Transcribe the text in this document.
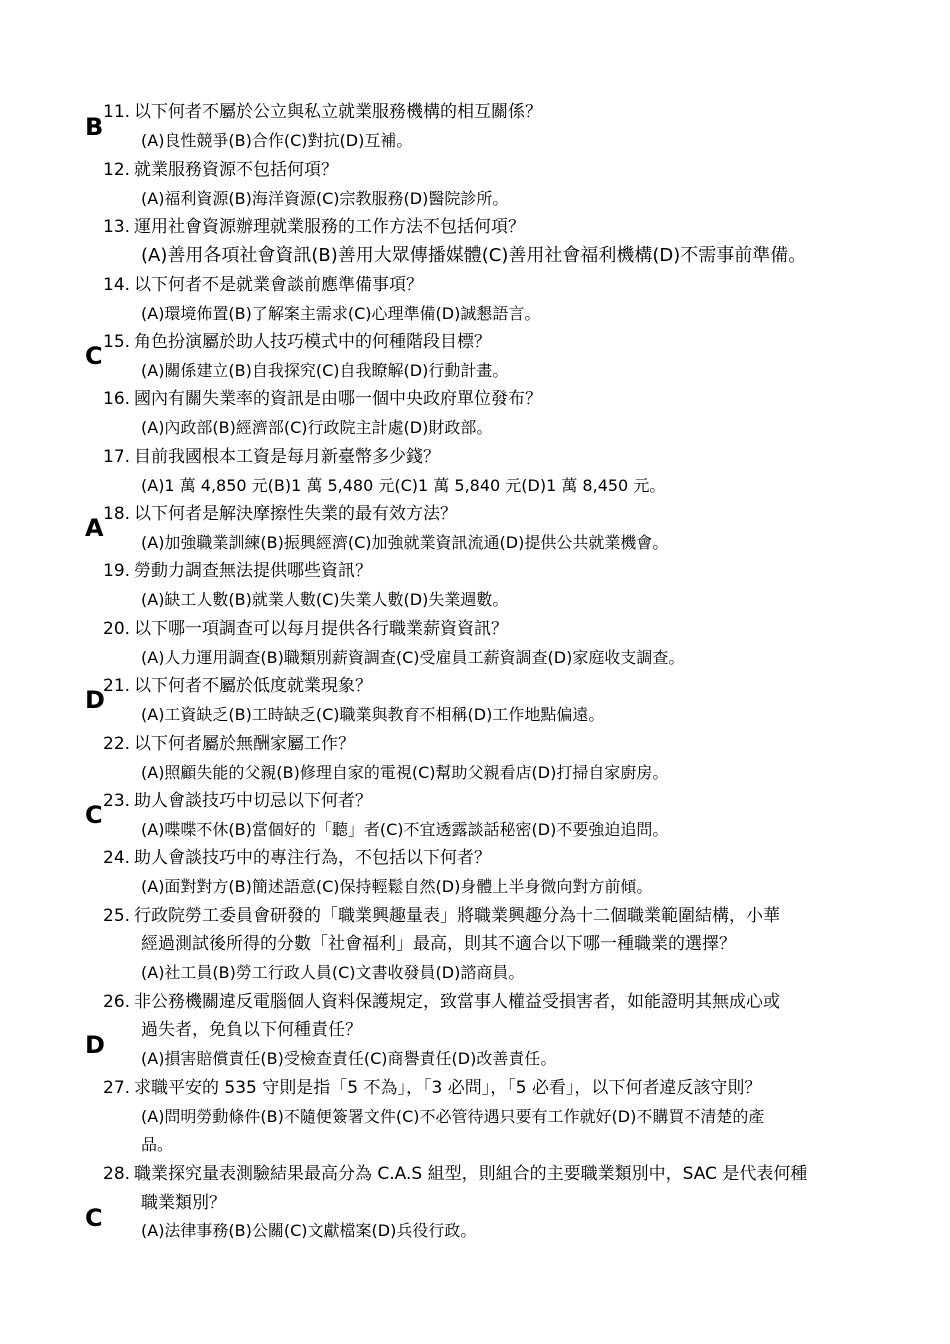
11. 以下何者不屬於公立與私立就業服務機構的相互關係？
B (A)良性競爭(B)合作(C)對抗(D)互補。
12. 就業服務資源不包括何項？
(A)福利資源(B)海洋資源(C)宗教服務(D)醫院診所。
13. 運用社會資源辦理就業服務的工作方法不包括何項？
(A)善用各項社會資訊(B)善用大眾傳播媒體(C)善用社會福利機構(D)不需事前準備。
14. 以下何者不是就業會談前應準備事項？
(A)環境佈置(B)了解案主需求(C)心理準備(D)誠懇語言。
15. 角色扮演屬於助人技巧模式中的何種階段目標？
C
(A)關係建立(B)自我探究(C)自我瞭解(D)行動計畫。
16. 國內有關失業率的資訊是由哪一個中央政府單位發布？
(A)內政部(B)經濟部(C)行政院主計處(D)財政部。
17. 目前我國根本工資是每月新臺幣多少錢？
(A)1 萬 4,850 元(B)1 萬 5,480 元(C)1 萬 5,840 元(D)1 萬 8,450 元。
18. 以下何者是解決摩擦性失業的最有效方法？
A
(A)加強職業訓練(B)振興經濟(C)加強就業資訊流通(D)提供公共就業機會。
19. 勞動力調查無法提供哪些資訊？
(A)缺工人數(B)就業人數(C)失業人數(D)失業週數。
20. 以下哪一項調查可以每月提供各行職業薪資資訊？
(A)人力運用調查(B)職類別薪資調查(C)受雇員工薪資調查(D)家庭收支調查。
21. 以下何者不屬於低度就業現象？
D
(A)工資缺乏(B)工時缺乏(C)職業與教育不相稱(D)工作地點偏遠。
22. 以下何者屬於無酬家屬工作？
(A)照顧失能的父親(B)修理自家的電視(C)幫助父親看店(D)打掃自家廚房。
23. 助人會談技巧中切忌以下何者？
C
(A)喋喋不休(B)當個好的「聽」者(C)不宜透露談話秘密(D)不要強迫追問。
24. 助人會談技巧中的專注行為，不包括以下何者？
(A)面對對方(B)簡述語意(C)保持輕鬆自然(D)身體上半身微向對方前傾。
25. 行政院勞工委員會研發的「職業興趣量表」將職業興趣分為十二個職業範圍結構，小華
經過測試後所得的分數「社會福利」最高，則其不適合以下哪一種職業的選擇？
(A)社工員(B)勞工行政人員(C)文書收發員(D)諮商員。
26. 非公務機關違反電腦個人資料保護規定，致當事人權益受損害者，如能證明其無成心或
過失者，免負以下何種責任？
D (A)損害賠償責任(B)受檢查責任(C)商譽責任(D)改善責任。
27. 求職平安的 535 守則是指「5 不為」，「3 必問」，「5 必看」，以下何者違反該守則？
(A)問明勞動條件(B)不隨便簽署文件(C)不必管待遇只要有工作就好(D)不購買不清楚的產
品。
28. 職業探究量表測驗結果最高分為 C.A.S 組型，則組合的主要職業類別中，SAC 是代表何種
職業類別？
C (A)法律事務(B)公關(C)文獻檔案(D)兵役行政。
